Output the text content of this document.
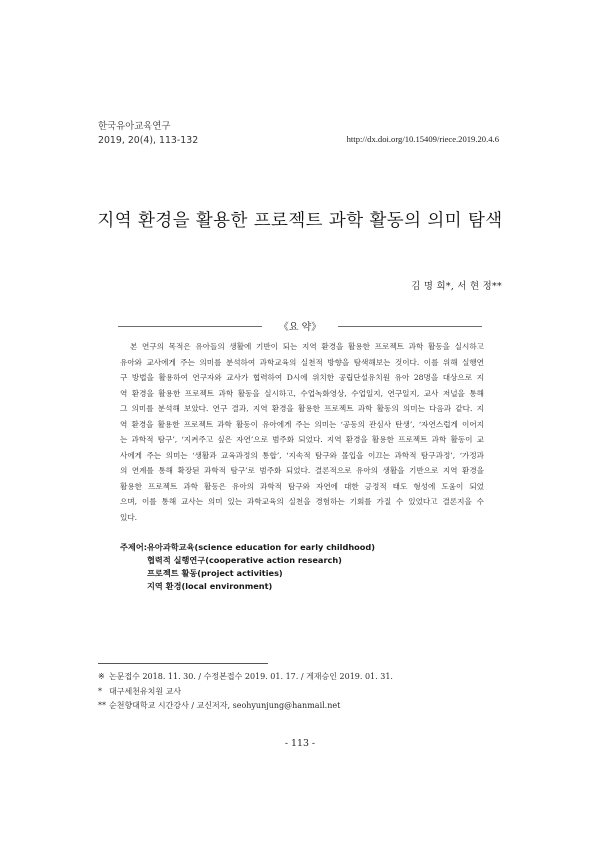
한국유아교육연구
2019, 20(4), 113-132	http://dx.doi.org/10.15409/riece.2019.20.4.6
지역 환경을 활용한 프로젝트 과학 활동의 의미 탐색
김 명 희*, 서 현 정**
《요 약》
본 연구의 목적은 유아들의 생활에 기반이 되는 지역 환경을 활용한 프로젝트 과학 활동을 실시하고
유아와 교사에게 주는 의미를 분석하여 과학교육의 실천적 방향을 탐색해보는 것이다. 이를 위해 실행연
구 방법을 활용하여 연구자와 교사가 협력하여 D시에 위치한 공립단설유치원 유아 28명을 대상으로 지
역 환경을 활용한 프로젝트 과학 활동을 실시하고, 수업녹화영상, 수업일지, 연구일지, 교사 저널을 통해
그 의미를 분석해 보았다. 연구 결과, 지역 환경을 활용한 프로젝트 과학 활동의 의미는 다음과 같다. 지
역 환경을 활용한 프로젝트 과학 활동이 유아에게 주는 의미는 ‘공동의 관심사 탄생’, ‘자연스럽게 이어지
는 과학적 탐구’, ‘지켜주고 싶은 자연’으로 범주화 되었다. 지역 환경을 활용한 프로젝트 과학 활동이 교
사에게 주는 의미는 ‘생활과 교육과정의 통합’, ‘지속적 탐구와 몰입을 이끄는 과학적 탐구과정’, ‘가정과
의 연계를 통해 확장된 과학적 탐구’로 범주화 되었다. 결론적으로 유아의 생활을 기반으로 지역 환경을
활용한 프로젝트 과학 활동은 유아의 과학적 탐구와 자연에 대한 긍정적 태도 형성에 도움이 되었
으며, 이를 통해 교사는 의미 있는 과학교육의 실천을 경험하는 기회를 가질 수 있었다고 결론지을 수
있다.
주제어:유아과학교육(science education for early childhood)
협력적 실행연구(cooperative action research)
프로젝트 활동(project activities)
지역 환경(local environment)
※ 논문접수 2018. 11. 30. / 수정본접수 2019. 01. 17. / 게재승인 2019. 01. 31.
* 대구세천유치원 교사
** 순천향대학교 시간강사 / 교신저자, seohyunjung@hanmail.net
- 113 -
